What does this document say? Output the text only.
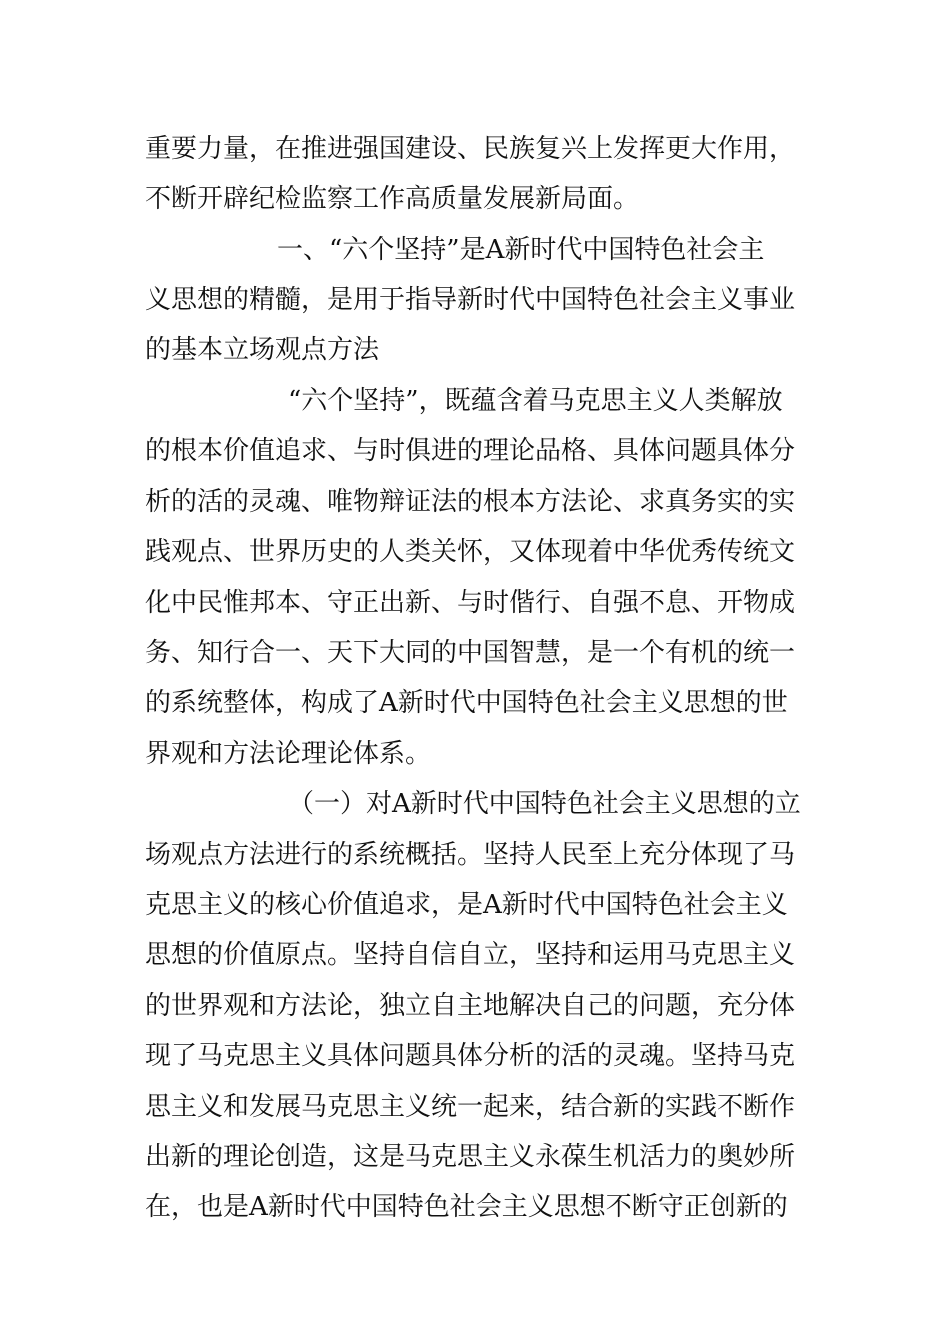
重要力量，在推进强国建设、民族复兴上发挥更大作用，
不断开辟纪检监察工作高质量发展新局面。
一、“六个坚持”是A新时代中国特色社会主
义思想的精髓，是用于指导新时代中国特色社会主义事业
的基本立场观点方法
“六个坚持”，既蕴含着马克思主义人类解放
的根本价值追求、与时俱进的理论品格、具体问题具体分
析的活的灵魂、唯物辩证法的根本方法论、求真务实的实
践观点、世界历史的人类关怀，又体现着中华优秀传统文
化中民惟邦本、守正出新、与时偕行、自强不息、开物成
务、知行合一、天下大同的中国智慧，是一个有机的统一
的系统整体，构成了A新时代中国特色社会主义思想的世
界观和方法论理论体系。
（一）对A新时代中国特色社会主义思想的立
场观点方法进行的系统概括。坚持人民至上充分体现了马
克思主义的核心价值追求，是A新时代中国特色社会主义
思想的价值原点。坚持自信自立，坚持和运用马克思主义
的世界观和方法论，独立自主地解决自己的问题，充分体
现了马克思主义具体问题具体分析的活的灵魂。坚持马克
思主义和发展马克思主义统一起来，结合新的实践不断作
出新的理论创造，这是马克思主义永葆生机活力的奥妙所
在，也是A新时代中国特色社会主义思想不断守正创新的
